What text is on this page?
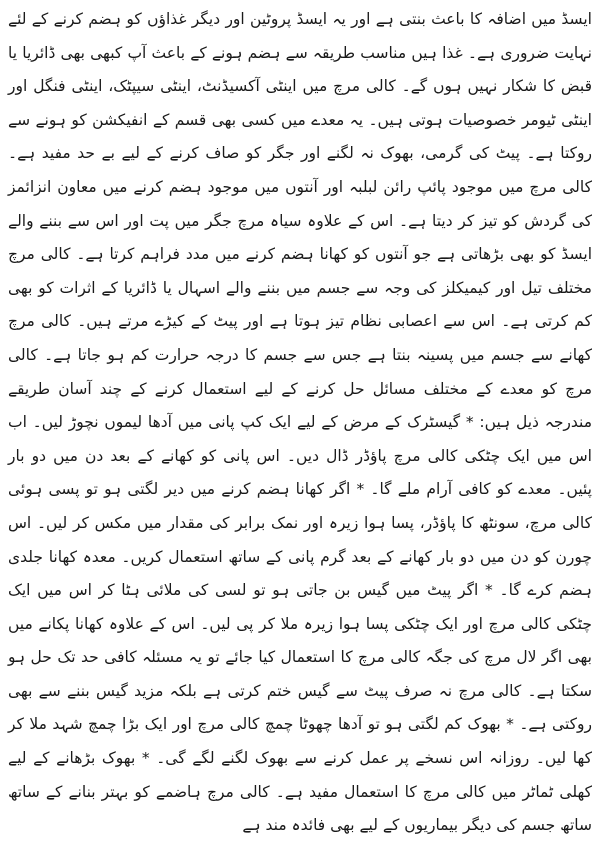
ایسڈ میں اضافہ کا باعث بنتی ہے اور یہ ایسڈ پروٹین اور دیگر غذاؤں کو ہضم کرنے کے لئے نہایت ضروری ہے۔ غذا ہیں مناسب طریقہ سے ہضم ہونے کے باعث آپ کبھی بھی ڈائریا یا قبض کا شکار نہیں ہوں گے۔ کالی مرچ میں اینٹی آکسیڈنٹ، اینٹی سیپٹک، اینٹی فنگل اور اینٹی ٹیومر خصوصیات ہوتی ہیں۔ یہ معدے میں کسی بھی قسم کے انفیکشن کو ہونے سے روکتا ہے۔ پیٹ کی گرمی، بھوک نہ لگنے اور جگر کو صاف کرنے کے لیے بے حد مفید ہے۔ کالی مرچ میں موجود پائپ رائن لبلبہ اور آنتوں میں موجود ہضم کرنے میں معاون انزائمز کی گردش کو تیز کر دیتا ہے۔ اس کے علاوہ سیاہ مرچ جگر میں پت اور اس سے بننے والے ایسڈ کو بھی بڑھاتی ہے جو آنتوں کو کھانا ہضم کرنے میں مدد فراہم کرتا ہے۔ کالی مرچ مختلف تیل اور کیمیکلز کی وجہ سے جسم میں بننے والے اسہال یا ڈائریا کے اثرات کو بھی کم کرتی ہے۔ اس سے اعصابی نظام تیز ہوتا ہے اور پیٹ کے کیڑے مرتے ہیں۔ کالی مرچ کھانے سے جسم میں پسینہ بنتا ہے جس سے جسم کا درجہ حرارت کم ہو جاتا ہے۔ کالی مرچ کو معدے کے مختلف مسائل حل کرنے کے لیے استعمال کرنے کے چند آسان طریقے مندرجہ ذیل ہیں: * گیسٹرک کے مرض کے لیے ایک کپ پانی میں آدھا لیموں نچوڑ لیں۔ اب اس میں ایک چٹکی کالی مرچ پاؤڈر ڈال دیں۔ اس پانی کو کھانے کے بعد دن میں دو بار پئیں۔ معدے کو کافی آرام ملے گا۔ * اگر کھانا ہضم کرنے میں دیر لگتی ہو تو پسی ہوئی کالی مرچ، سونٹھ کا پاؤڈر، پسا ہوا زیرہ اور نمک برابر کی مقدار میں مکس کر لیں۔ اس چورن کو دن میں دو بار کھانے کے بعد گرم پانی کے ساتھ استعمال کریں۔ معدہ کھانا جلدی ہضم کرے گا۔ * اگر پیٹ میں گیس بن جاتی ہو تو لسی کی ملائی ہٹا کر اس میں ایک چٹکی کالی مرچ اور ایک چٹکی پسا ہوا زیرہ ملا کر پی لیں۔ اس کے علاوہ کھانا پکانے میں بھی اگر لال مرچ کی جگہ کالی مرچ کا استعمال کیا جائے تو یہ مسئلہ کافی حد تک حل ہو سکتا ہے۔ کالی مرچ نہ صرف پیٹ سے گیس ختم کرتی ہے بلکہ مزید گیس بننے سے بھی روکتی ہے۔ * بھوک کم لگتی ہو تو آدھا چھوٹا چمچ کالی مرچ اور ایک بڑا چمچ شہد ملا کر کھا لیں۔ روزانہ اس نسخے پر عمل کرنے سے بھوک لگنے لگے گی۔ * بھوک بڑھانے کے لیے کھلی ٹماٹر میں کالی مرچ کا استعمال مفید ہے۔ کالی مرچ ہاضمے کو بہتر بنانے کے ساتھ ساتھ جسم کی دیگر بیماریوں کے لیے بھی فائدہ مند ہے
